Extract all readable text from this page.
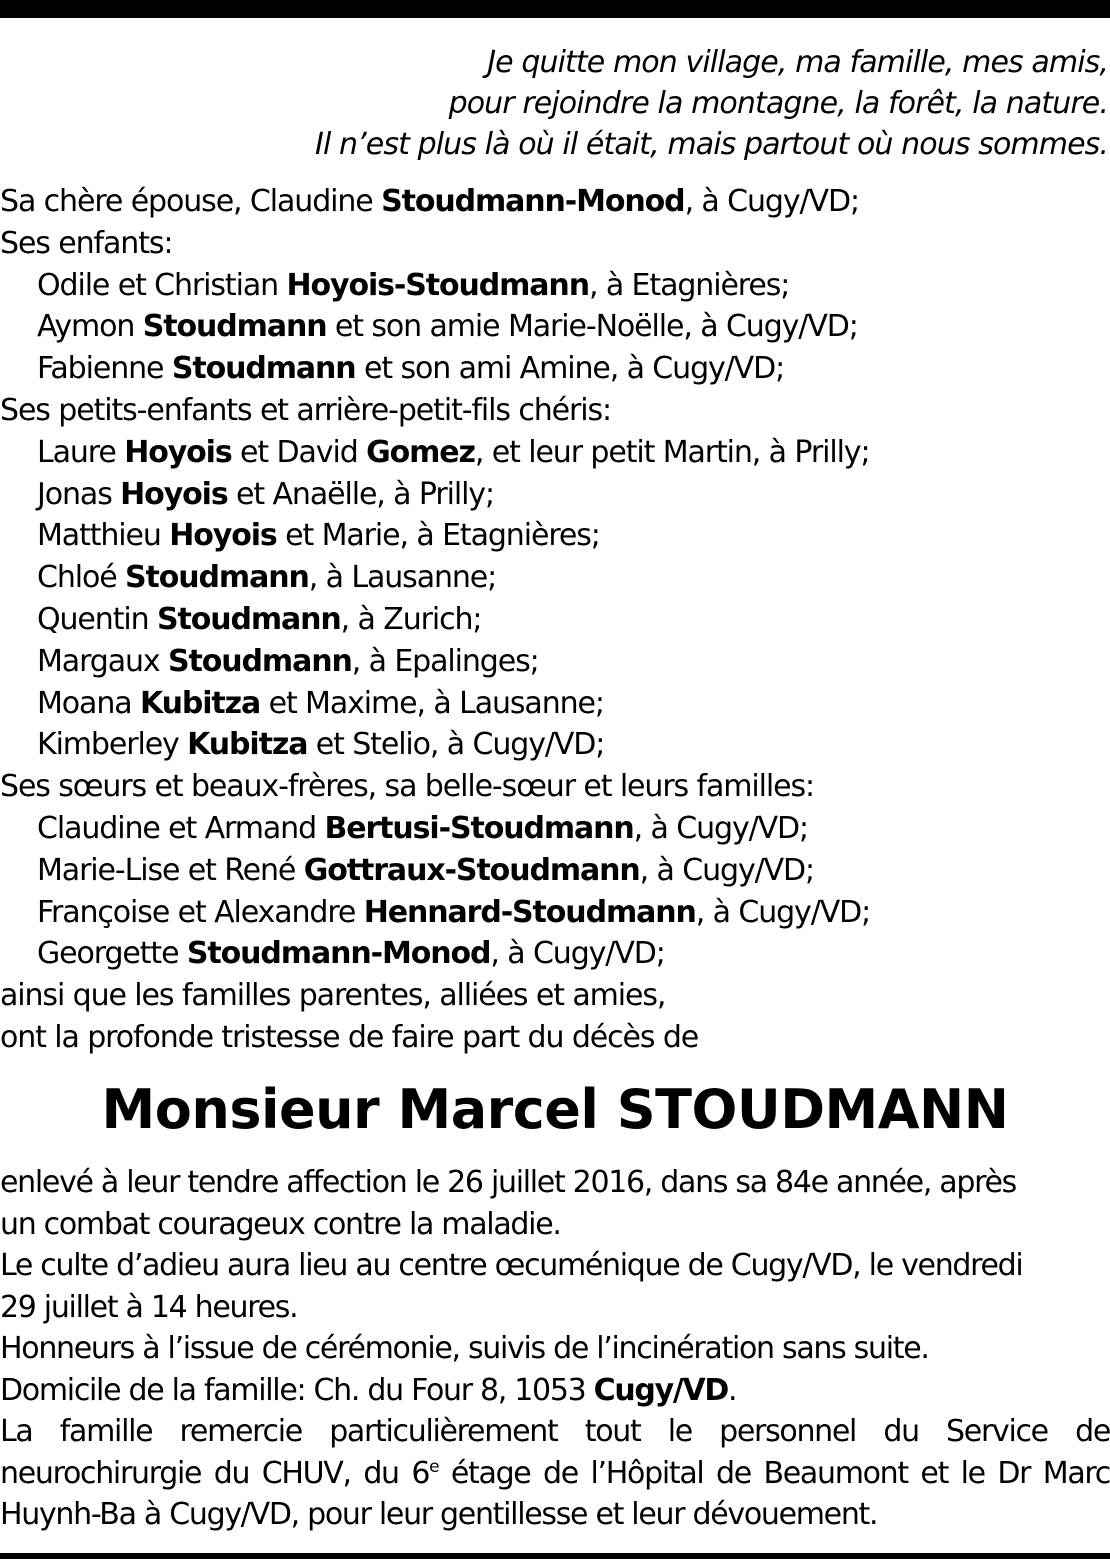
Je quitte mon village, ma famille, mes amis,
pour rejoindre la montagne, la forêt, la nature.
Il n’est plus là où il était, mais partout où nous sommes.
Sa chère épouse, Claudine Stoudmann-Monod, à Cugy/VD;
Ses enfants:
Odile et Christian Hoyois-Stoudmann, à Etagnières;
Aymon Stoudmann et son amie Marie-Noëlle, à Cugy/VD;
Fabienne Stoudmann et son ami Amine, à Cugy/VD;
Ses petits-enfants et arrière-petit-fils chéris:
Laure Hoyois et David Gomez, et leur petit Martin, à Prilly;
Jonas Hoyois et Anaëlle, à Prilly;
Matthieu Hoyois et Marie, à Etagnières;
Chloé Stoudmann, à Lausanne;
Quentin Stoudmann, à Zurich;
Margaux Stoudmann, à Epalinges;
Moana Kubitza et Maxime, à Lausanne;
Kimberley Kubitza et Stelio, à Cugy/VD;
Ses sœurs et beaux-frères, sa belle-sœur et leurs familles:
Claudine et Armand Bertusi-Stoudmann, à Cugy/VD;
Marie-Lise et René Gottraux-Stoudmann, à Cugy/VD;
Françoise et Alexandre Hennard-Stoudmann, à Cugy/VD;
Georgette Stoudmann-Monod, à Cugy/VD;
ainsi que les familles parentes, alliées et amies,
ont la profonde tristesse de faire part du décès de
Monsieur Marcel STOUDMANN
enlevé à leur tendre affection le 26 juillet 2016, dans sa 84e année, après
un combat courageux contre la maladie.
Le culte d’adieu aura lieu au centre œcuménique de Cugy/VD, le vendredi
29 juillet à 14 heures.
Honneurs à l’issue de cérémonie, suivis de l’incinération sans suite.
Domicile de la famille: Ch. du Four 8, 1053 Cugy/VD.
La famille remercie particulièrement tout le personnel du Service de
neurochirurgie du CHUV, du 6e étage de l’Hôpital de Beaumont et le Dr Marc
Huynh-Ba à Cugy/VD, pour leur gentillesse et leur dévouement.
